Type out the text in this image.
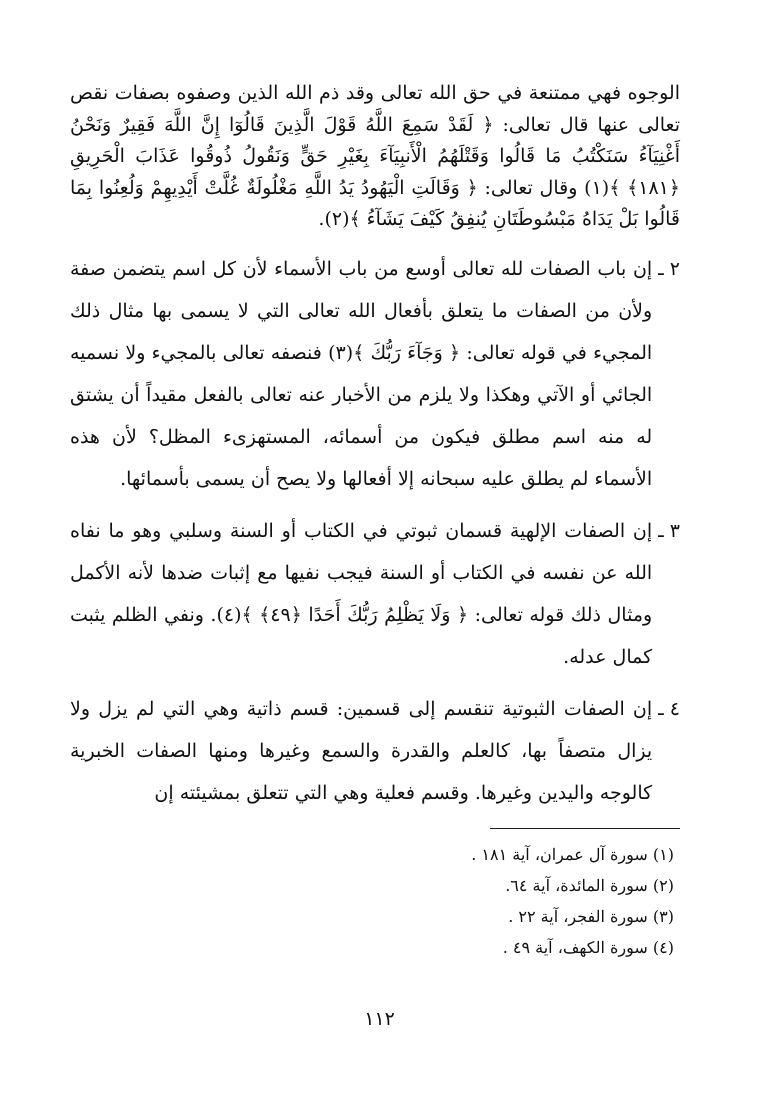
الوجوه فهي ممتنعة في حق الله تعالى وقد ذم الله الذين وصفوه بصفات نقص تعالى عنها قال تعالى: ﴿ لَقَدْ سَمِعَ اللَّهُ قَوْلَ الَّذِينَ قَالُوٓا إِنَّ اللَّهَ فَقِيرٌ وَنَحْنُ أَغْنِيَآءُ سَنَكْتُبُ مَا قَالُوا وَقَتْلَهُمُ الْأَنبِيَآءَ بِغَيْرِ حَقٍّ وَنَقُولُ ذُوقُوا عَذَابَ الْحَرِيقِ ﴿١٨١﴾ ﴾(١) وقال تعالى: ﴿ وَقَالَتِ الْيَهُودُ يَدُ اللَّهِ مَغْلُولَةٌ غُلَّتْ أَيْدِيهِمْ وَلُعِنُوا بِمَا قَالُوا بَلْ يَدَاهُ مَبْسُوطَتَانِ يُنفِقُ كَيْفَ يَشَآءُ ﴾(٢).

٢ ـ

إن باب الصفات لله تعالى أوسع من باب الأسماء لأن كل اسم يتضمن صفة ولأن من الصفات ما يتعلق بأفعال الله تعالى التي لا يسمى بها مثال ذلك المجيء في قوله تعالى: ﴿ وَجَآءَ رَبُّكَ ﴾(٣) فنصفه تعالى بالمجيء ولا نسميه الجائي أو الآتي وهكذا ولا يلزم من الأخبار عنه تعالى بالفعل مقيداً أن يشتق له منه اسم مطلق فيكون من أسمائه، المستهزىء المظل؟ لأن هذه الأسماء لم يطلق عليه سبحانه إلا أفعالها ولا يصح أن يسمى بأسمائها.

٣ ـ

إن الصفات الإلهية قسمان ثبوتي في الكتاب أو السنة وسلبي وهو ما نفاه الله عن نفسه في الكتاب أو السنة فيجب نفيها مع إثبات ضدها لأنه الأكمل ومثال ذلك قوله تعالى: ﴿ وَلَا يَظْلِمُ رَبُّكَ أَحَدًا ﴿٤٩﴾ ﴾(٤). ونفي الظلم يثبت كمال عدله.

٤ ـ

إن الصفات الثبوتية تنقسم إلى قسمين: قسم ذاتية وهي التي لم يزل ولا يزال متصفاً بها، كالعلم والقدرة والسمع وغيرها ومنها الصفات الخبرية كالوجه واليدين وغيرها. وقسم فعلية وهي التي تتعلق بمشيئته إن

(١) سورة آل عمران، آية ١٨١ .
(٢) سورة المائدة، آية ٦٤.
(٣) سورة الفجر، آية ٢٢ .
(٤) سورة الكهف، آية ٤٩ .
١١٢
